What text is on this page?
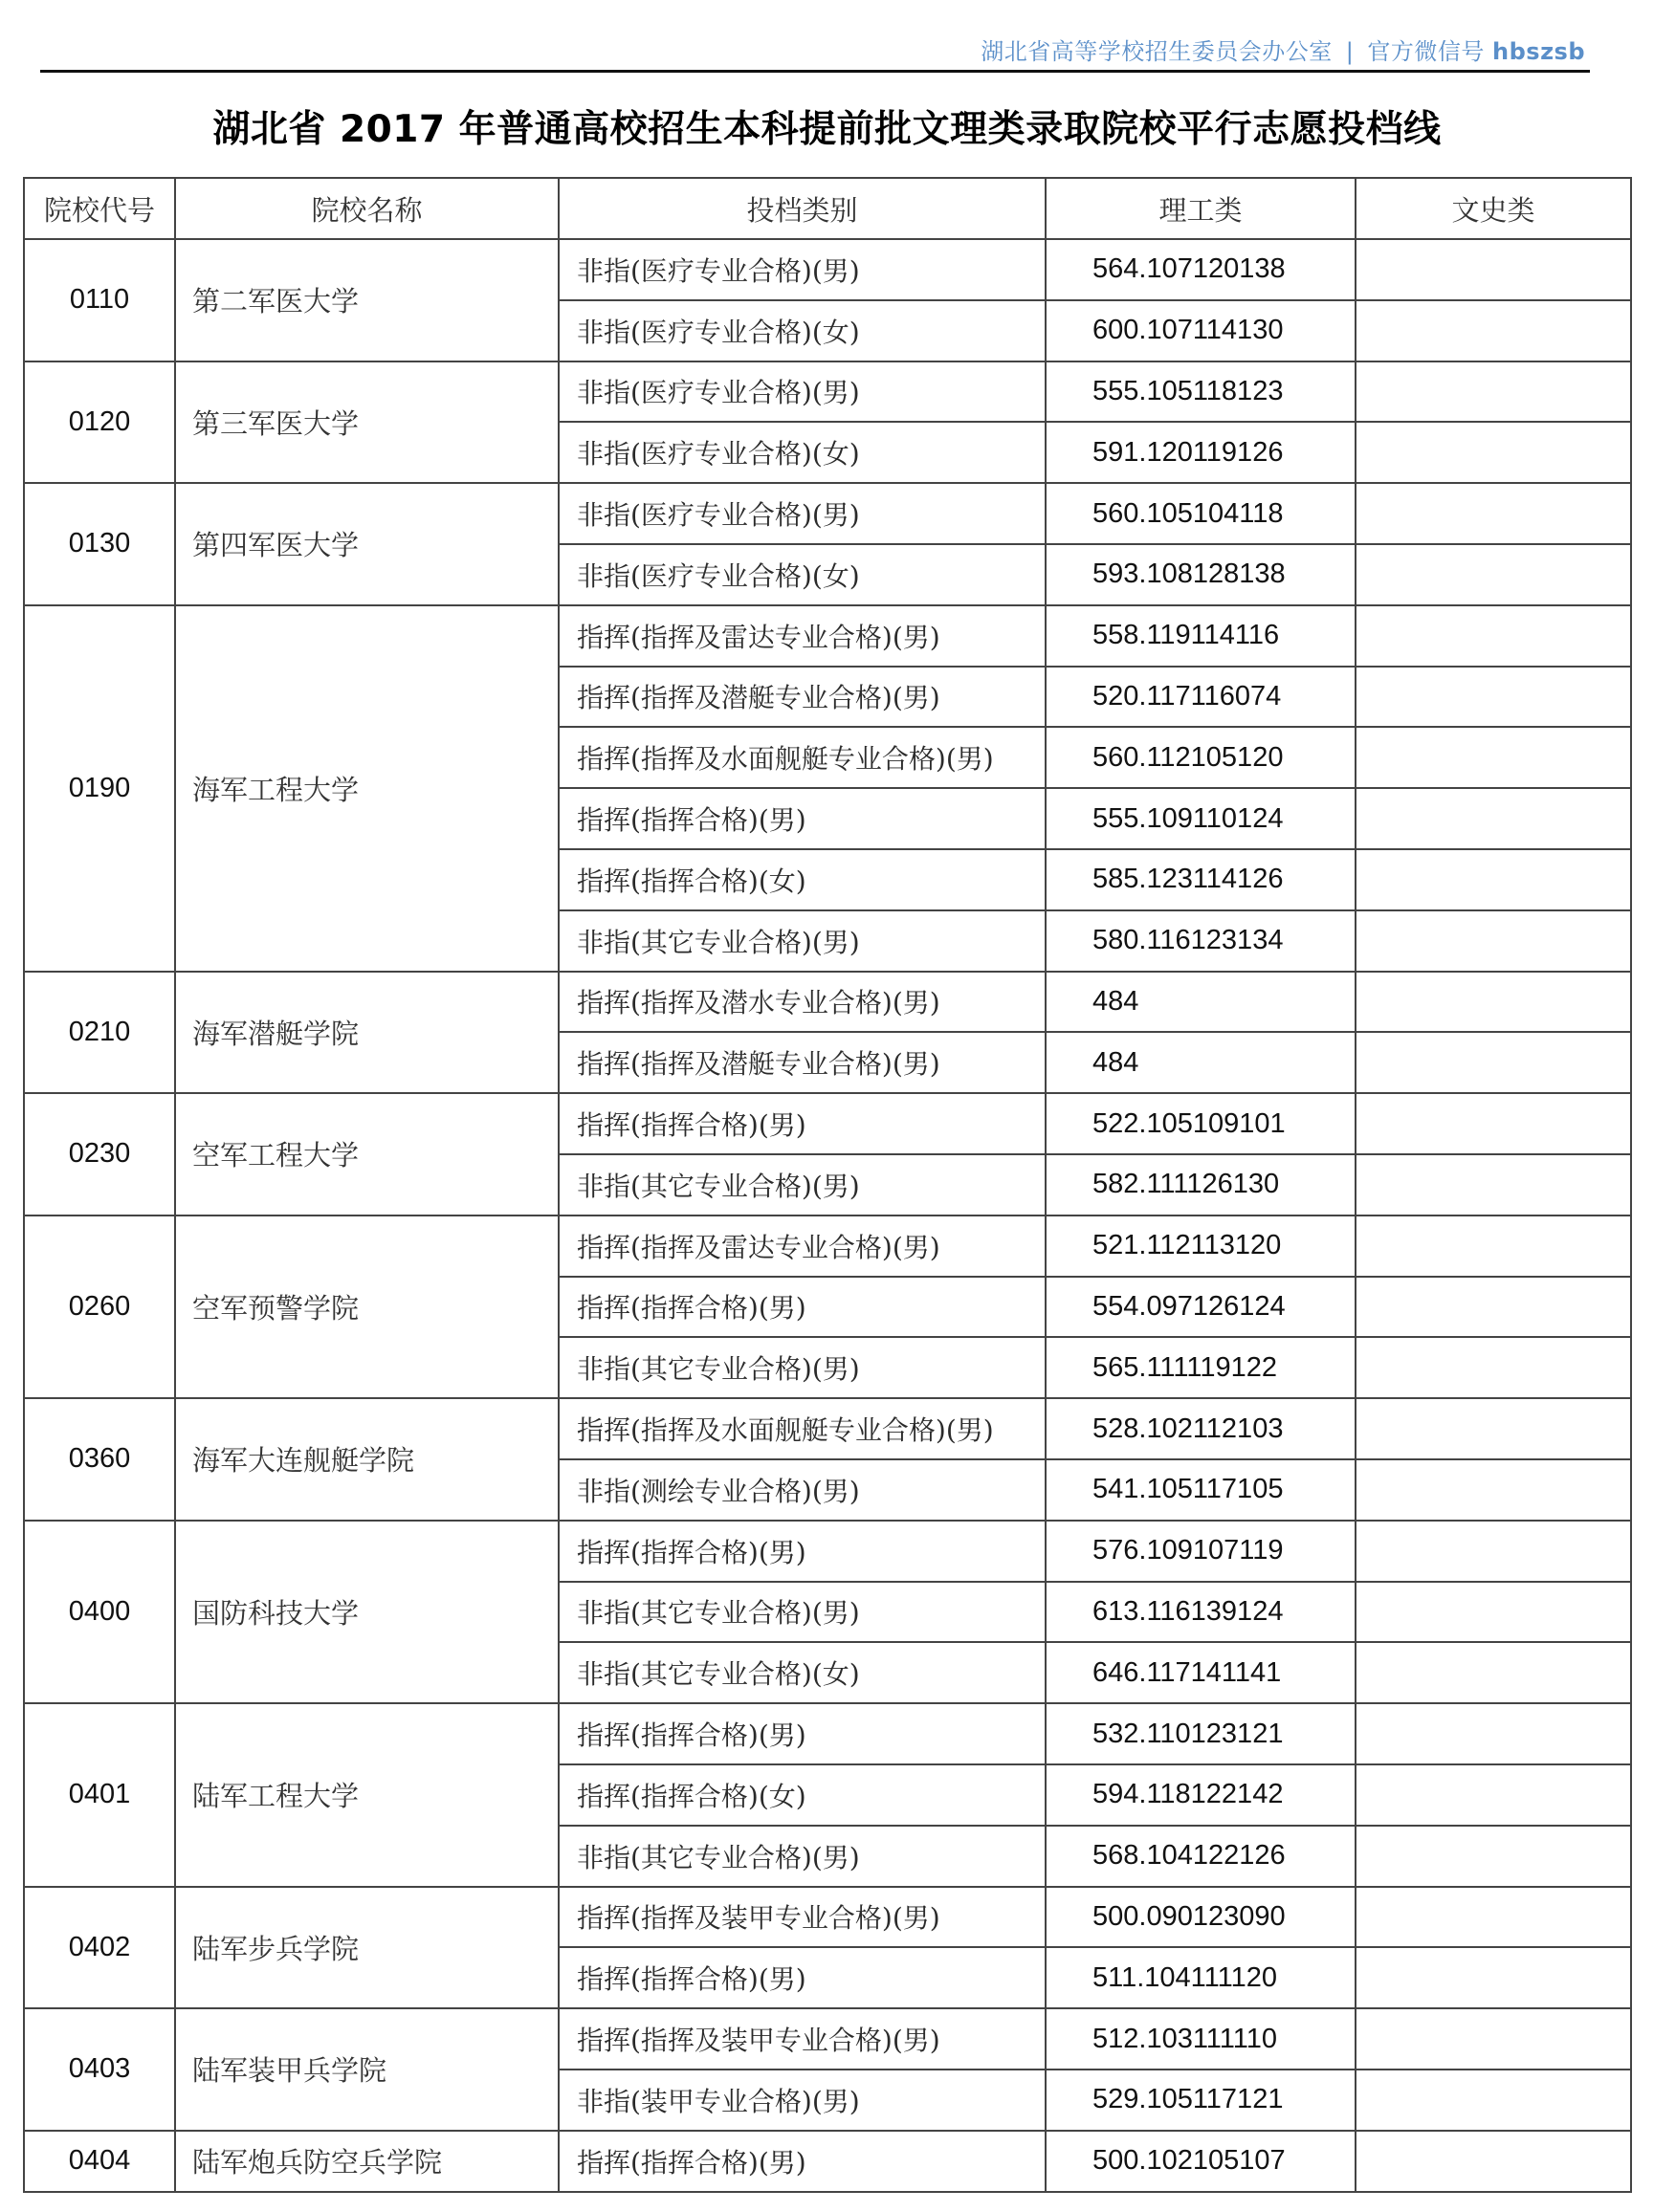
湖北省高等学校招生委员会办公室 | 官方微信号 hbszsb
湖北省 2017 年普通高校招生本科提前批文理类录取院校平行志愿投档线
院校代号	院校名称	投档类别	理工类	文史类
0110	第二军医大学	非指(医疗专业合格)(男)	564.107120138	
		非指(医疗专业合格)(女)	600.107114130	
0120	第三军医大学	非指(医疗专业合格)(男)	555.105118123	
		非指(医疗专业合格)(女)	591.120119126	
0130	第四军医大学	非指(医疗专业合格)(男)	560.105104118	
		非指(医疗专业合格)(女)	593.108128138	
0190	海军工程大学	指挥(指挥及雷达专业合格)(男)	558.119114116	
		指挥(指挥及潜艇专业合格)(男)	520.117116074	
		指挥(指挥及水面舰艇专业合格)(男)	560.112105120	
		指挥(指挥合格)(男)	555.109110124	
		指挥(指挥合格)(女)	585.123114126	
		非指(其它专业合格)(男)	580.116123134	
0210	海军潜艇学院	指挥(指挥及潜水专业合格)(男)	484	
		指挥(指挥及潜艇专业合格)(男)	484	
0230	空军工程大学	指挥(指挥合格)(男)	522.105109101	
		非指(其它专业合格)(男)	582.111126130	
0260	空军预警学院	指挥(指挥及雷达专业合格)(男)	521.112113120	
		指挥(指挥合格)(男)	554.097126124	
		非指(其它专业合格)(男)	565.111119122	
0360	海军大连舰艇学院	指挥(指挥及水面舰艇专业合格)(男)	528.102112103	
		非指(测绘专业合格)(男)	541.105117105	
0400	国防科技大学	指挥(指挥合格)(男)	576.109107119	
		非指(其它专业合格)(男)	613.116139124	
		非指(其它专业合格)(女)	646.117141141	
0401	陆军工程大学	指挥(指挥合格)(男)	532.110123121	
		指挥(指挥合格)(女)	594.118122142	
		非指(其它专业合格)(男)	568.104122126	
0402	陆军步兵学院	指挥(指挥及装甲专业合格)(男)	500.090123090	
		指挥(指挥合格)(男)	511.104111120	
0403	陆军装甲兵学院	指挥(指挥及装甲专业合格)(男)	512.103111110	
		非指(装甲专业合格)(男)	529.105117121	
0404	陆军炮兵防空兵学院	指挥(指挥合格)(男)	500.102105107	
